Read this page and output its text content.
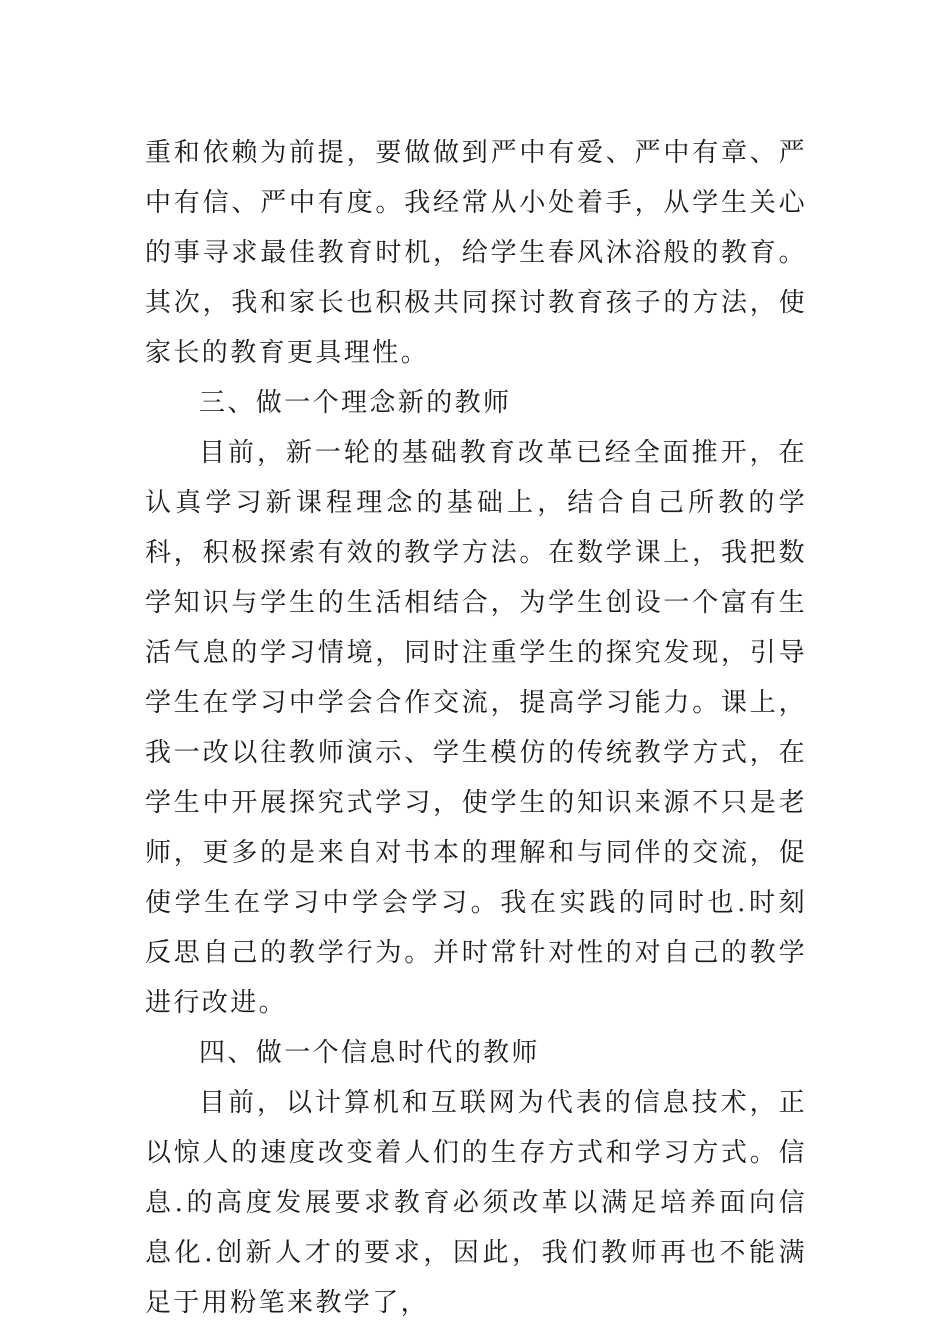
重和依赖为前提，要做做到严中有爱、严中有章、严中有信、严中有度。我经常从小处着手，从学生关心的事寻求最佳教育时机，给学生春风沐浴般的教育。其次，我和家长也积极共同探讨教育孩子的方法，使家长的教育更具理性。

三、做一个理念新的教师

目前，新一轮的基础教育改革已经全面推开，在认真学习新课程理念的基础上，结合自己所教的学科，积极探索有效的教学方法。在数学课上，我把数学知识与学生的生活相结合，为学生创设一个富有生活气息的学习情境，同时注重学生的探究发现，引导学生在学习中学会合作交流，提高学习能力。课上，我一改以往教师演示、学生模仿的传统教学方式，在学生中开展探究式学习，使学生的知识来源不只是老师，更多的是来自对书本的理解和与同伴的交流，促使学生在学习中学会学习。我在实践的同时也.时刻反思自己的教学行为。并时常针对性的对自己的教学进行改进。

四、做一个信息时代的教师

目前，以计算机和互联网为代表的信息技术，正以惊人的速度改变着人们的生存方式和学习方式。信息.的高度发展要求教育必须改革以满足培养面向信息化.创新人才的要求，因此，我们教师再也不能满足于用粉笔来教学了，
